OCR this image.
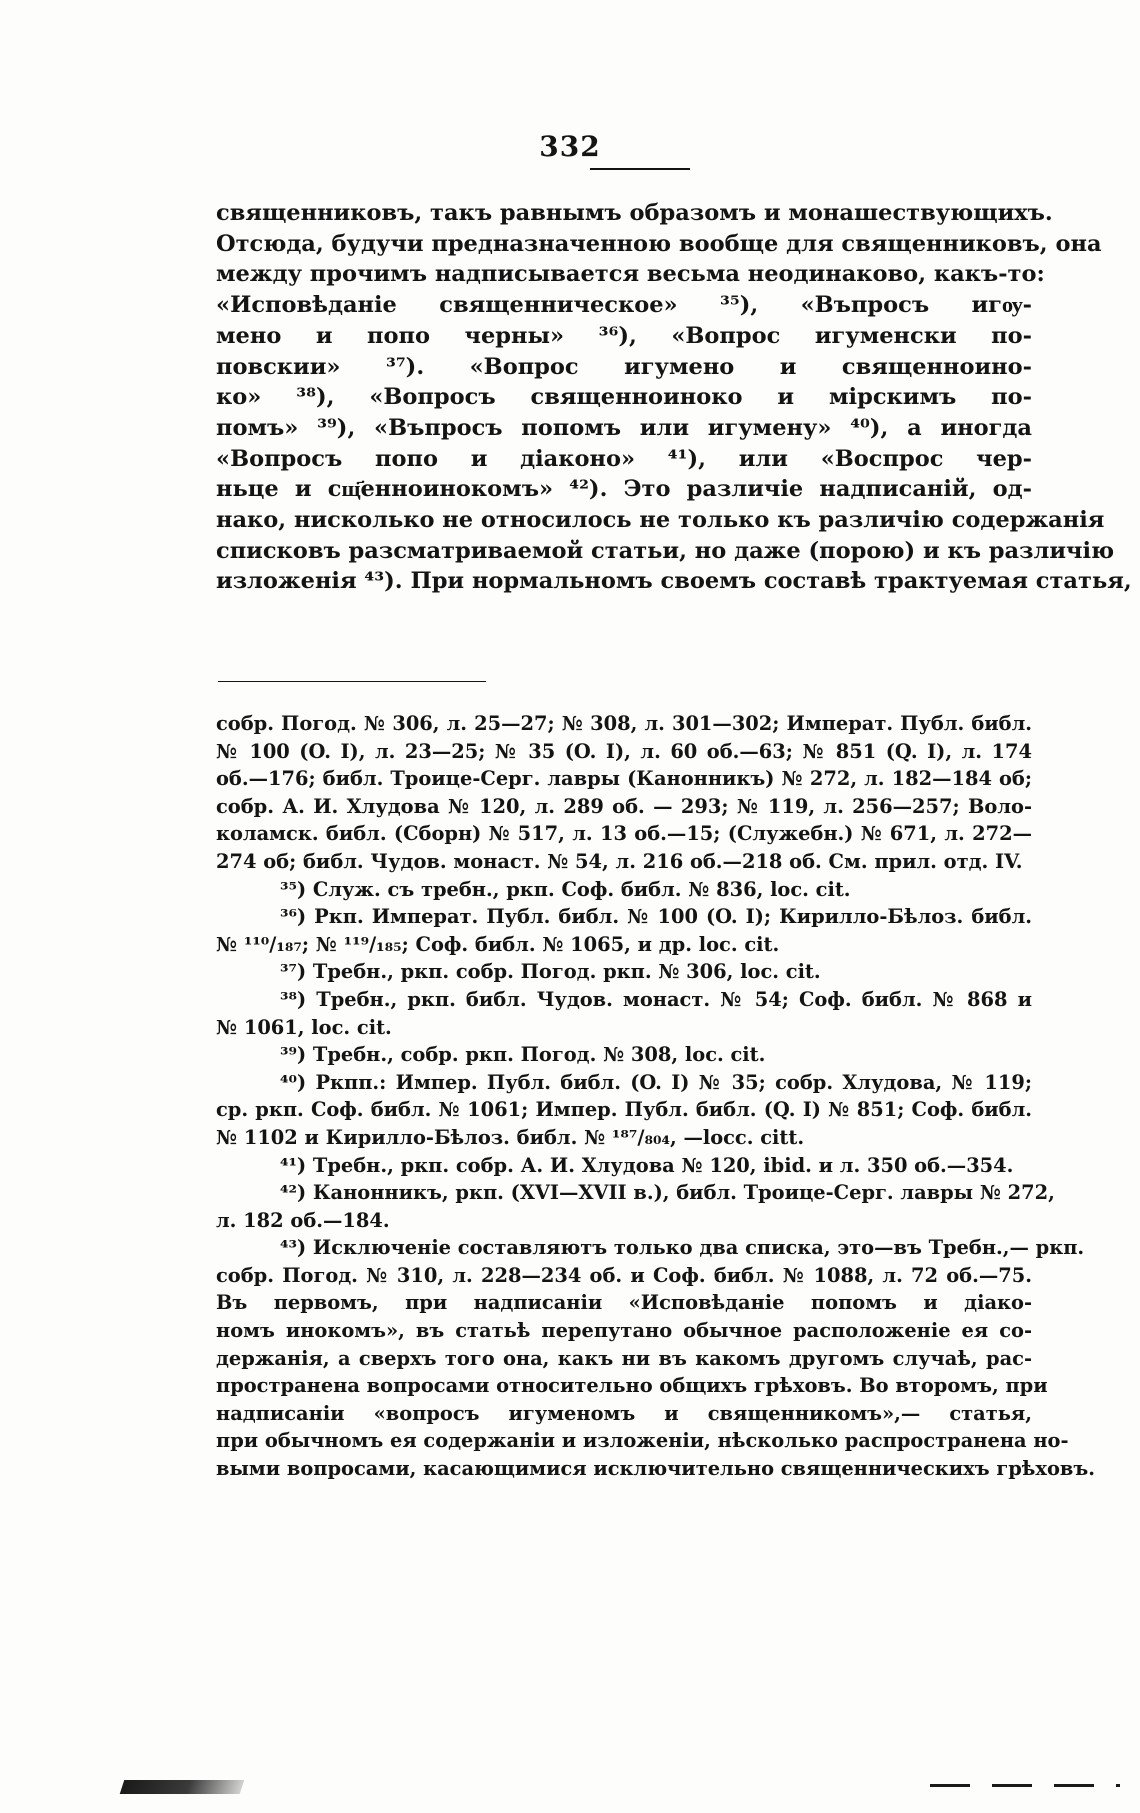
332

священниковъ, такъ равнымъ образомъ и монашествующихъ.
Отсюда, будучи предназначенною вообще для священниковъ, она
между прочимъ надписывается весьма неодинаково, какъ-то:
«Исповѣданіе священническое» ³⁵), «Въпросъ игѹ-
мено и попо черны» ³⁶), «Вопрос игуменски по-
повскии» ³⁷). «Вопрос игумено и священноино-
ко» ³⁸), «Вопросъ священноиноко и мірскимъ по-
помъ» ³⁹), «Въпросъ попомъ или игумену» ⁴⁰), а иногда
«Вопросъ попо и діаконо» ⁴¹), или «Воспрос чер-
ньце и сщ҃енноинокомъ» ⁴²). Это различіе надписаній, од-
нако, нисколько не относилось не только къ различію содержанія
списковъ разсматриваемой статьи, но даже (порою) и къ различію
изложенія ⁴³). При нормальномъ своемъ составѣ трактуемая статья,

собр. Погод. № 306, л. 25—27; № 308, л. 301—302; Императ. Публ. библ.
№ 100 (O. I), л. 23—25; № 35 (O. I), л. 60 об.—63; № 851 (Q. I), л. 174
об.—176; библ. Троице-Серг. лавры (Канонникъ) № 272, л. 182—184 об;
собр. А. И. Хлудова № 120, л. 289 об. — 293; № 119, л. 256—257; Воло-
коламск. библ. (Сборн) № 517, л. 13 об.—15; (Служебн.) № 671, л. 272—
274 об; библ. Чудов. монаст. № 54, л. 216 об.—218 об. См. прил. отд. IV.
³⁵) Служ. съ требн., ркп. Соф. библ. № 836, loc. cit.
³⁶) Ркп. Императ. Публ. библ. № 100 (O. I); Кирилло-Бѣлоз. библ.
№ ¹¹⁰/₁₈₇; № ¹¹⁹/₁₈₅; Соф. библ. № 1065, и др. loc. cit.
³⁷) Требн., ркп. собр. Погод. ркп. № 306, loc. cit.
³⁸) Требн., ркп. библ. Чудов. монаст. № 54; Соф. библ. № 868 и
№ 1061, loc. cit.
³⁹) Требн., собр. ркп. Погод. № 308, loc. cit.
⁴⁰) Ркпп.: Импер. Публ. библ. (O. I) № 35; собр. Хлудова, № 119;
ср. ркп. Соф. библ. № 1061; Импер. Публ. библ. (Q. I) № 851; Соф. библ.
№ 1102 и Кирилло-Бѣлоз. библ. № ¹⁸⁷/₈₀₄, —locc. citt.
⁴¹) Требн., ркп. собр. А. И. Хлудова № 120, ibid. и л. 350 об.—354.
⁴²) Канонникъ, ркп. (XVI—XVII в.), библ. Троице-Серг. лавры № 272,
л. 182 об.—184.
⁴³) Исключеніе составляютъ только два списка, это—въ Требн.,— ркп.
собр. Погод. № 310, л. 228—234 об. и Соф. библ. № 1088, л. 72 об.—75.
Въ первомъ, при надписаніи «Исповѣданіе попомъ и діако-
номъ инокомъ», въ статьѣ перепутано обычное расположеніе ея со-
держанія, а сверхъ того она, какъ ни въ какомъ другомъ случаѣ, рас-
пространена вопросами относительно общихъ грѣховъ. Во второмъ, при
надписаніи «вопросъ игуменомъ и священникомъ»,— статья,
при обычномъ ея содержаніи и изложеніи, нѣсколько распространена но-
выми вопросами, касающимися исключительно священническихъ грѣховъ.
